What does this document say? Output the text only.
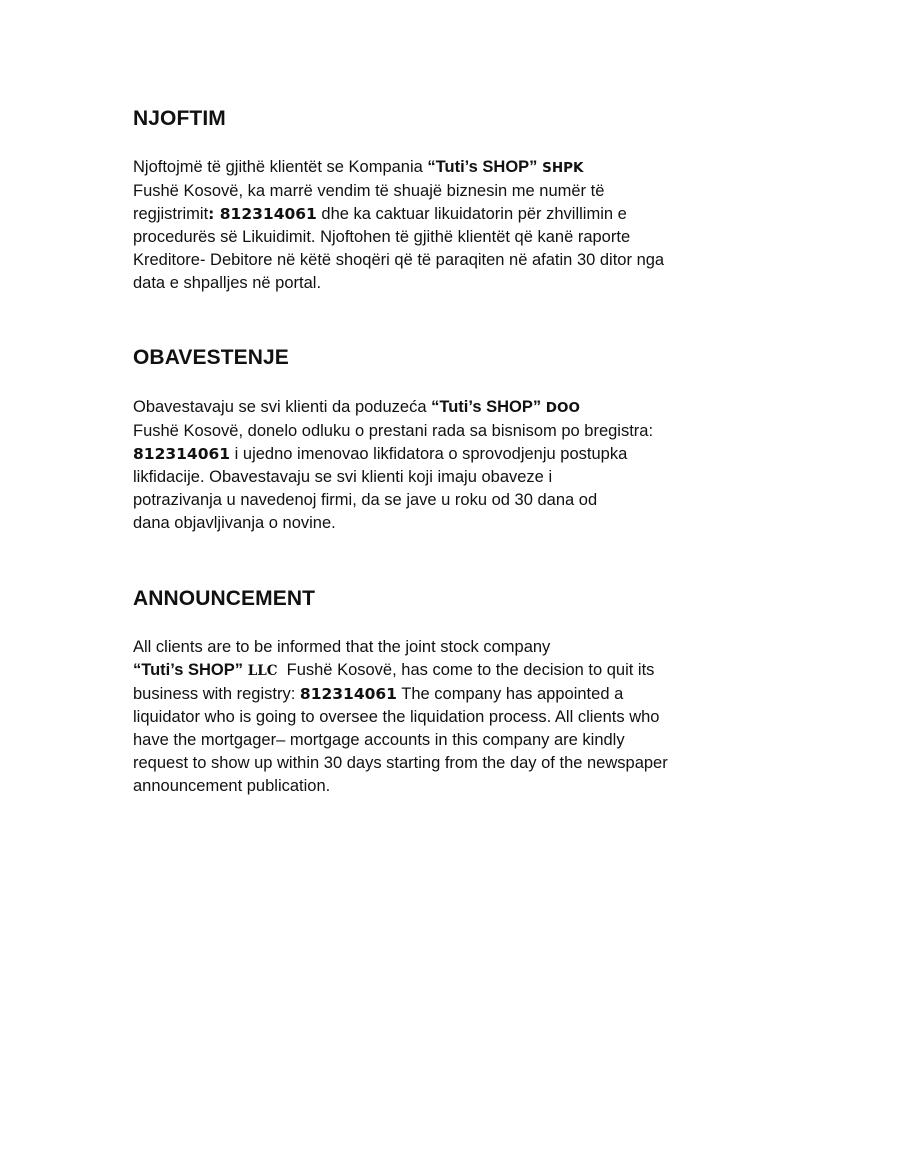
NJOFTIM

Njoftojmë të gjithë klientët se Kompania “Tuti’s SHOP” SHPK
Fushë Kosovë, ka marrë vendim të shuajë biznesin me numër të
regjistrimit: 812314061 dhe ka caktuar likuidatorin për zhvillimin e
procedurës së Likuidimit. Njoftohen të gjithë klientët që kanë raporte
Kreditore- Debitore në këtë shoqëri që të paraqiten në afatin 30 ditor nga
data e shpalljes në portal.

OBAVESTENJE

Obavestavaju se svi klienti da poduzeća “Tuti’s SHOP” DOO
Fushë Kosovë, donelo odluku o prestani rada sa bisnisom po bregistra:
812314061 i ujedno imenovao likfidatora o sprovodjenju postupka
likfidacije. Obavestavaju se svi klienti koji imaju obaveze i
potrazivanja u navedenoj firmi, da se jave u roku od 30 dana od
dana objavljivanja o novine.

ANNOUNCEMENT

All clients are to be informed that the joint stock company
“Tuti’s SHOP” LLC  Fushë Kosovë, has come to the decision to quit its
business with registry: 812314061 The company has appointed a
liquidator who is going to oversee the liquidation process. All clients who
have the mortgager– mortgage accounts in this company are kindly
request to show up within 30 days starting from the day of the newspaper
announcement publication.
